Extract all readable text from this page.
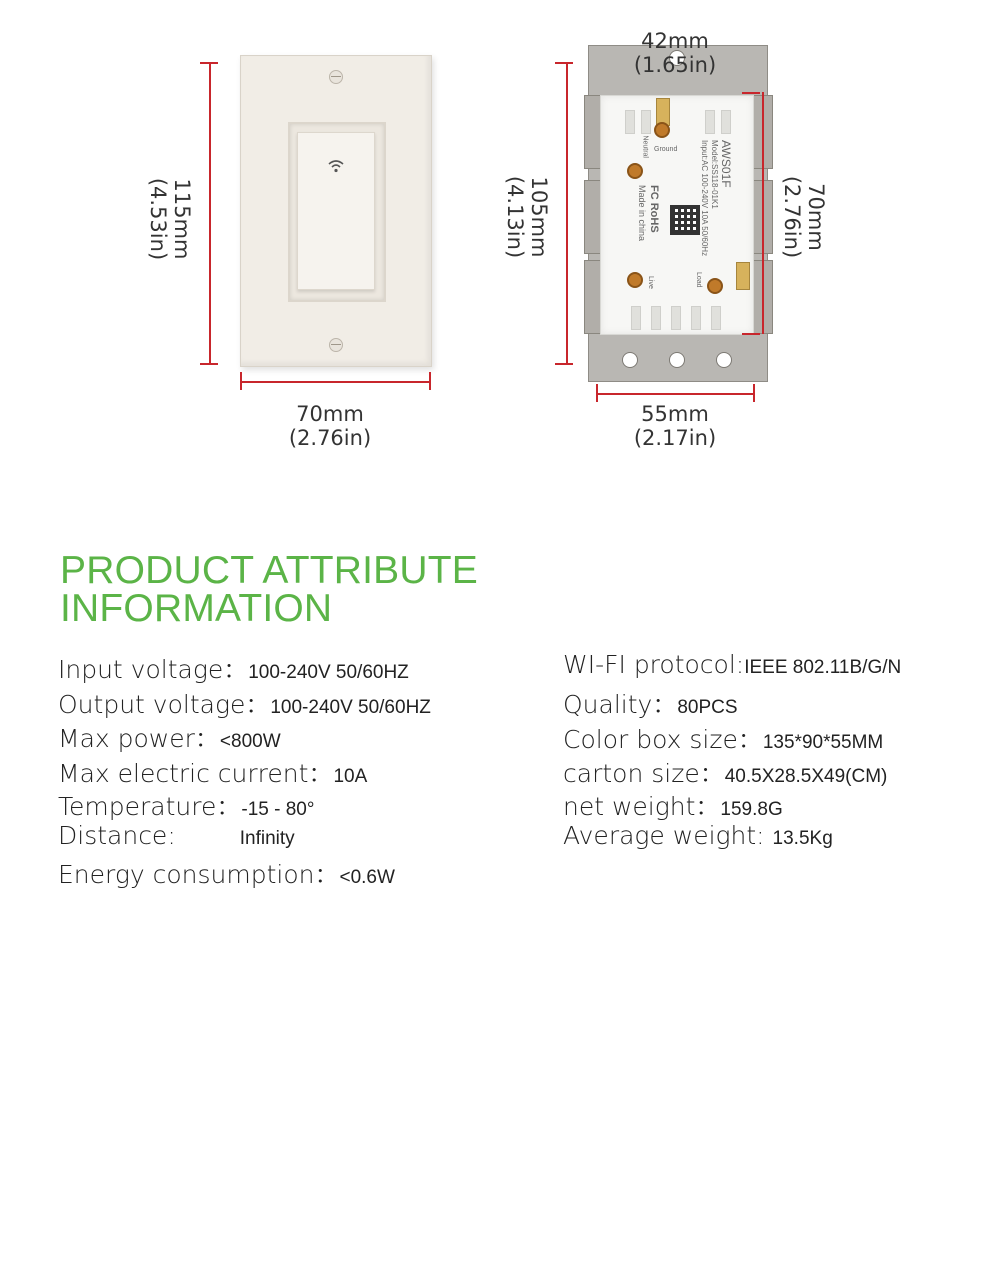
115mm
(4.53in)
70mm
(2.76in)
AWS01F
Model:SS118-01K1
Input:AC 100-240V 10A 50/60Hz
FC RoHS
Made in china
Ground
Neutral
Live	Load
42mm
(1.65in)
105mm
(4.13in)	70mm
(2.76in)
55mm
(2.17in)
PRODUCT ATTRIBUTE
INFORMATION
Input voltage：100-240V 50/60HZ
Output voltage：100-240V 50/60HZ
Max power：<800W
Max electric current：10A
Temperature：-15 - 80°
Distance:	Infinity
Energy consumption：<0.6W
WI-FI protocol:IEEE 802.11B/G/N
Quality：80PCS
Color box size：135*90*55MM
carton size：40.5X28.5X49(CM)
net weight：159.8G
Average weight: 13.5Kg
